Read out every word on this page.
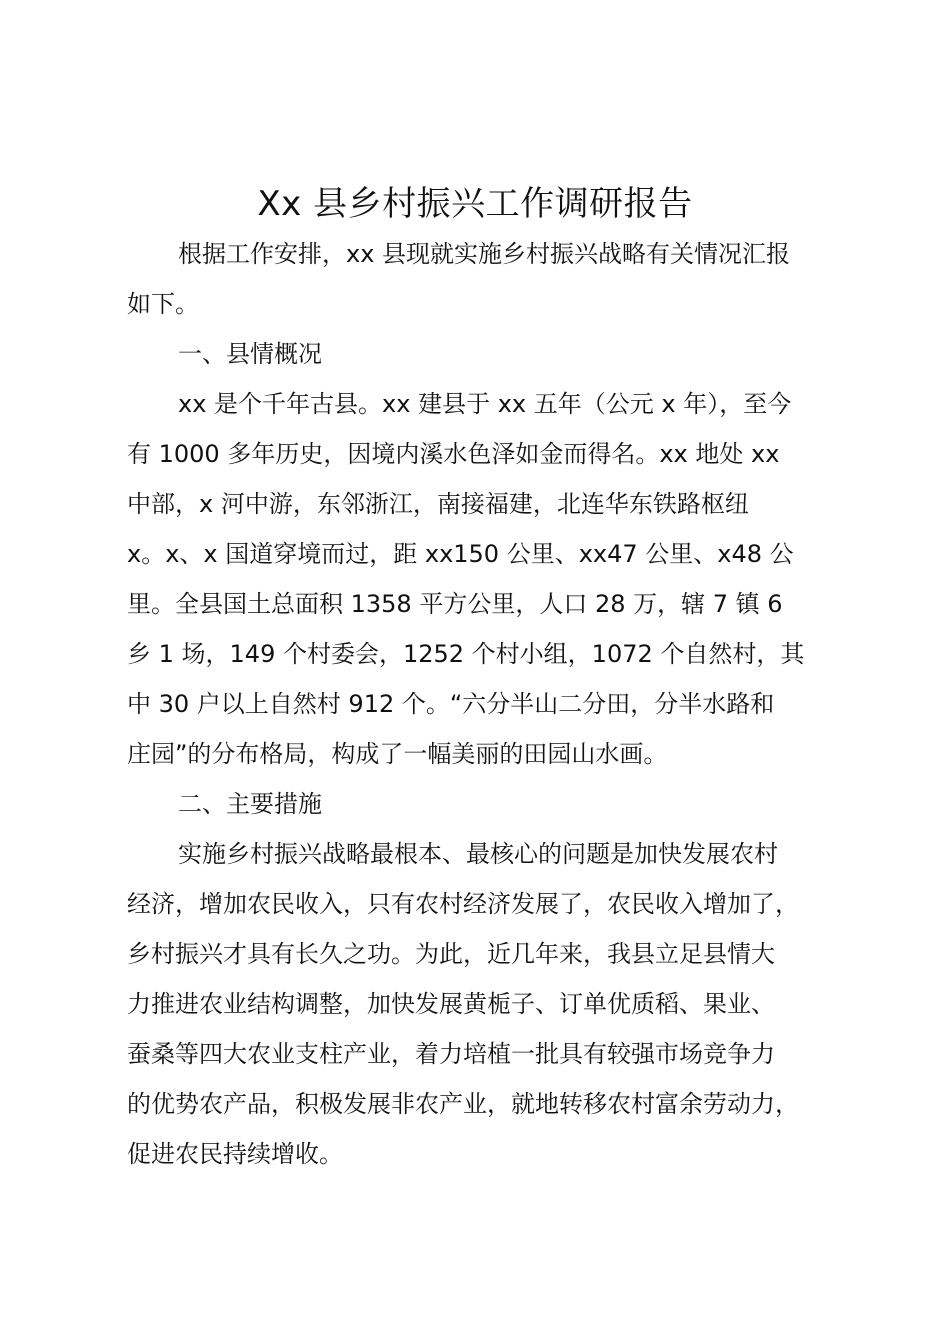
Xx 县乡村振兴工作调研报告
根据工作安排，xx 县现就实施乡村振兴战略有关情况汇报
如下。
一、县情概况
xx 是个千年古县。xx 建县于 xx 五年（公元 x 年），至今
有 1000 多年历史，因境内溪水色泽如金而得名。xx 地处 xx
中部，x 河中游，东邻浙江，南接福建，北连华东铁路枢纽
x。x、x 国道穿境而过，距 xx150 公里、xx47 公里、x48 公
里。全县国土总面积 1358 平方公里，人口 28 万，辖 7 镇 6
乡 1 场，149 个村委会，1252 个村小组，1072 个自然村，其
中 30 户以上自然村 912 个。“六分半山二分田，分半水路和
庄园”的分布格局，构成了一幅美丽的田园山水画。
二、主要措施
实施乡村振兴战略最根本、最核心的问题是加快发展农村
经济，增加农民收入，只有农村经济发展了，农民收入增加了，
乡村振兴才具有长久之功。为此，近几年来，我县立足县情大
力推进农业结构调整，加快发展黄栀子、订单优质稻、果业、
蚕桑等四大农业支柱产业，着力培植一批具有较强市场竞争力
的优势农产品，积极发展非农产业，就地转移农村富余劳动力，
促进农民持续增收。
